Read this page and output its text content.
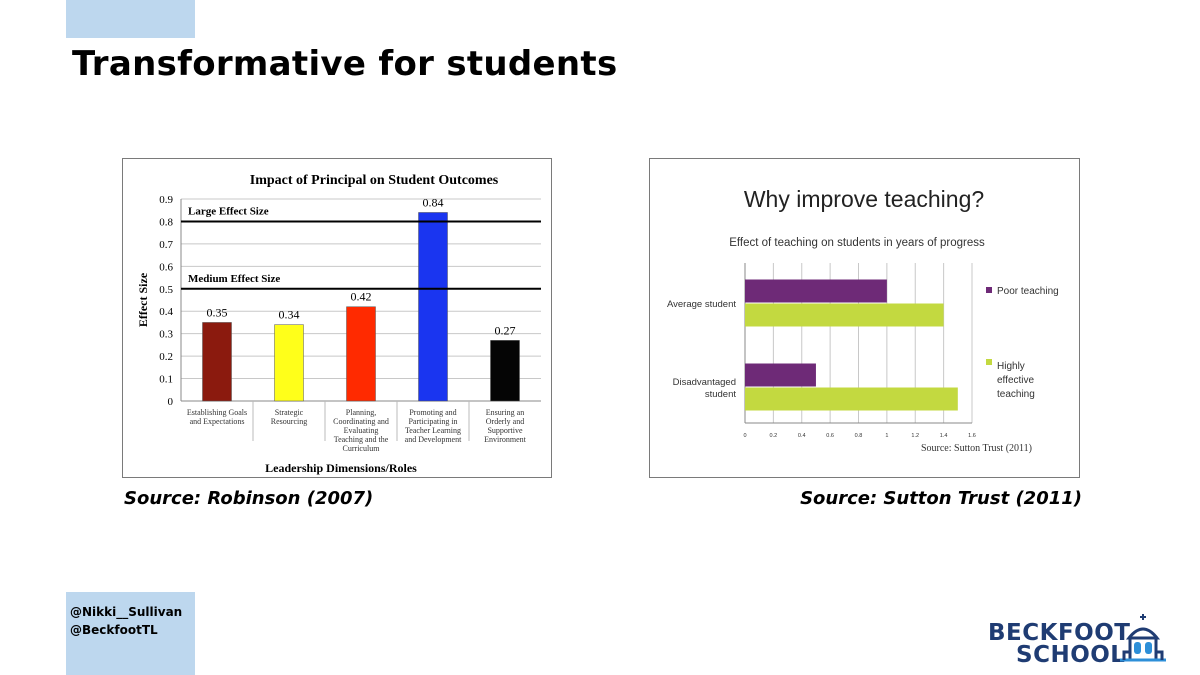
Transformative for students
Impact of Principal on Student Outcomes
0
0.1
0.2
0.3
0.4
0.5
0.6
0.7
0.8
0.9
0.35
Establishing Goals
and Expectations
0.34
Strategic
Resourcing
0.42
Planning,
Coordinating and
Evaluating
Teaching and the
Curriculum
0.84
Promoting and
Participating in
Teacher Learning
and Development
0.27
Ensuring an
Orderly and
Supportive
Environment
Large Effect Size
Medium Effect Size
Effect Size
Leadership Dimensions/Roles
Why improve teaching?
Effect of teaching on students in years of progress
0	0.2	0.4	0.6	0.8	1	1.2	1.4	1.6
Average student
Disadvantaged
student
Poor teaching
Highly
effective
teaching
Source: Sutton Trust (2011)
Source: Robinson (2007)	Source: Sutton Trust (2011)
@Nikki__Sullivan
@BeckfootTL	BECKFOOT
SCHOOL
